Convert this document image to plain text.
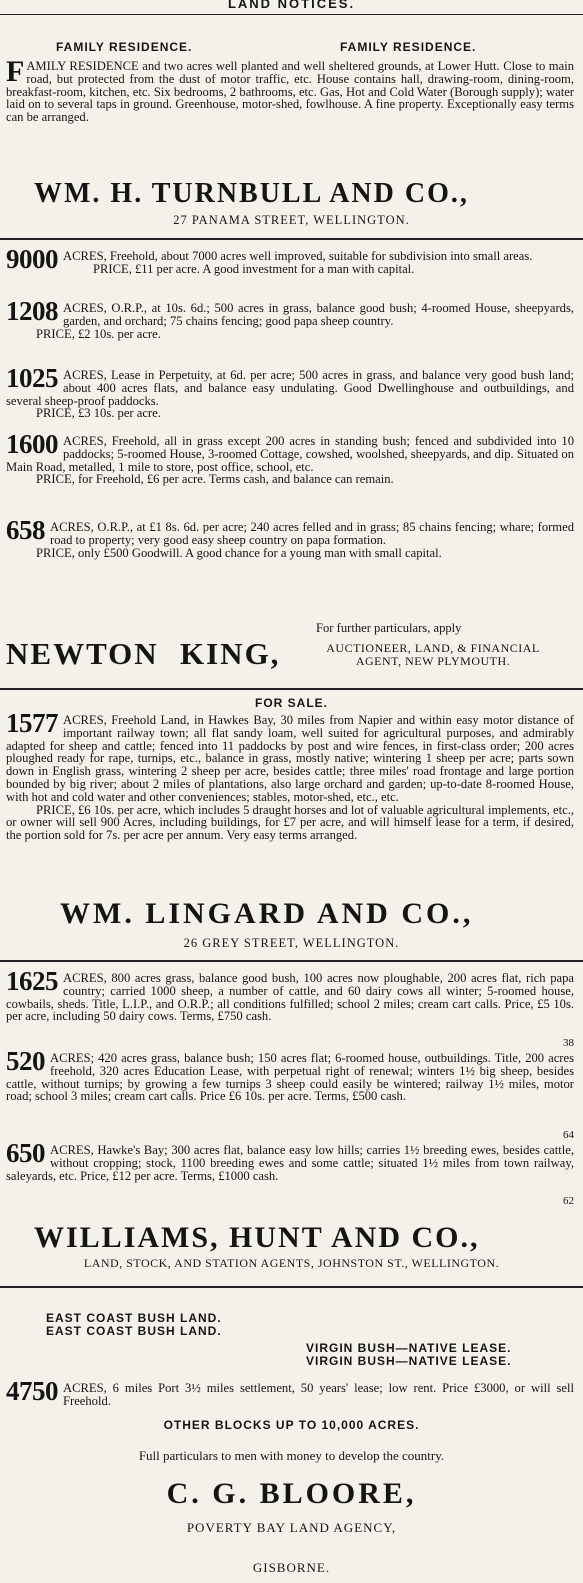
LAND NOTICES.
FAMILY RESIDENCE.	FAMILY RESIDENCE.
FAMILY RESIDENCE and two acres well planted and well sheltered grounds, at Lower Hutt. Close to main road, but protected from the dust of motor traffic, etc. House contains hall, drawing-room, dining-room, breakfast-room, kitchen, etc. Six bedrooms, 2 bathrooms, etc. Gas, Hot and Cold Water (Borough supply); water laid on to several taps in ground. Greenhouse, motor-shed, fowlhouse. A fine property. Exceptionally easy terms can be arranged.
WM. H. TURNBULL AND CO.,
27 PANAMA STREET, WELLINGTON.
9000 ACRES, Freehold, about 7000 acres well improved, suitable for subdivision into small areas.
PRICE, £11 per acre. A good investment for a man with capital.
1208 ACRES, O.R.P., at 10s. 6d.; 500 acres in grass, balance good bush; 4-roomed House, sheepyards, garden, and orchard; 75 chains fencing; good papa sheep country.
PRICE, £2 10s. per acre.
1025 ACRES, Lease in Perpetuity, at 6d. per acre; 500 acres in grass, and balance very good bush land; about 400 acres flats, and balance easy undulating. Good Dwellinghouse and outbuildings, and several sheep-proof paddocks.
PRICE, £3 10s. per acre.
1600 ACRES, Freehold, all in grass except 200 acres in standing bush; fenced and subdivided into 10 paddocks; 5-roomed House, 3-roomed Cottage, cowshed, woolshed, sheepyards, and dip. Situated on Main Road, metalled, 1 mile to store, post office, school, etc.
PRICE, for Freehold, £6 per acre. Terms cash, and balance can remain.
658 ACRES, O.R.P., at £1 8s. 6d. per acre; 240 acres felled and in grass; 85 chains fencing; whare; formed road to property; very good easy sheep country on papa formation.
PRICE, only £500 Goodwill. A good chance for a young man with small capital.
For further particulars, apply
NEWTON KING,	AUCTIONEER, LAND, & FINANCIAL
AGENT, NEW PLYMOUTH.
FOR SALE.
1577 ACRES, Freehold Land, in Hawkes Bay, 30 miles from Napier and within easy motor distance of important railway town; all flat sandy loam, well suited for agricultural purposes, and admirably adapted for sheep and cattle; fenced into 11 paddocks by post and wire fences, in first-class order; 200 acres ploughed ready for rape, turnips, etc., balance in grass, mostly native; wintering 1 sheep per acre; parts sown down in English grass, wintering 2 sheep per acre, besides cattle; three miles' road frontage and large portion bounded by big river; about 2 miles of plantations, also large orchard and garden; up-to-date 8-roomed House, with hot and cold water and other conveniences; stables, motor-shed, etc., etc.
PRICE, £6 10s. per acre, which includes 5 draught horses and lot of valuable agricultural implements, etc., or owner will sell 900 Acres, including buildings, for £7 per acre, and will himself lease for a term, if desired, the portion sold for 7s. per acre per annum. Very easy terms arranged.
WM. LINGARD AND CO.,
26 GREY STREET, WELLINGTON.
1625 ACRES, 800 acres grass, balance good bush, 100 acres now ploughable, 200 acres flat, rich papa country; carried 1000 sheep, a number of cattle, and 60 dairy cows all winter; 5-roomed house, cowbails, sheds. Title, L.I.P., and O.R.P.; all conditions fulfilled; school 2 miles; cream cart calls. Price, £5 10s. per acre, including 50 dairy cows. Terms, £750 cash.
38
520 ACRES; 420 acres grass, balance bush; 150 acres flat; 6-roomed house, outbuildings. Title, 200 acres freehold, 320 acres Education Lease, with perpetual right of renewal; winters 1½ big sheep, besides cattle, without turnips; by growing a few turnips 3 sheep could easily be wintered; railway 1½ miles, motor road; school 3 miles; cream cart calls. Price £6 10s. per acre. Terms, £500 cash.
64
650 ACRES, Hawke's Bay; 300 acres flat, balance easy low hills; carries 1½ breeding ewes, besides cattle, without cropping; stock, 1100 breeding ewes and some cattle; situated 1½ miles from town railway, saleyards, etc. Price, £12 per acre. Terms, £1000 cash.
62
WILLIAMS, HUNT AND CO.,
LAND, STOCK, AND STATION AGENTS, JOHNSTON ST., WELLINGTON.
EAST COAST BUSH LAND.
EAST COAST BUSH LAND.
VIRGIN BUSH—NATIVE LEASE.
VIRGIN BUSH—NATIVE LEASE.
4750 ACRES, 6 miles Port 3½ miles settlement, 50 years' lease; low rent. Price £3000, or will sell Freehold.
OTHER BLOCKS UP TO 10,000 ACRES.
Full particulars to men with money to develop the country.
C. G. BLOORE,
POVERTY BAY LAND AGENCY,
GISBORNE.
